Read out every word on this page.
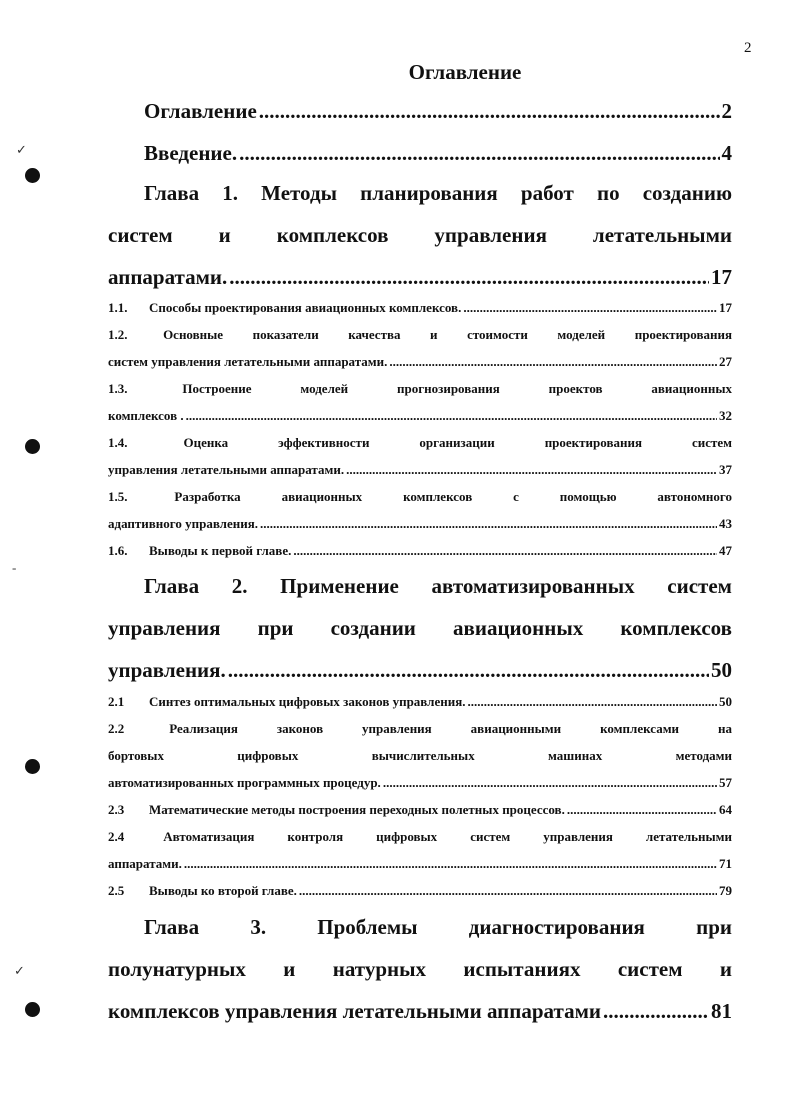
2
Оглавление
✓
-
✓
Оглавление .....	2
Введение. .....	4
Глава 1. Методы планирования работ по созданию
систем и комплексов управления летательными
аппаратами. .....	17
1.1. Способы проектирования авиационных комплексов. .....	17
1.2.	Основные показатели качества и стоимости моделей проектирования
систем управления летательными аппаратами. .....	27
1.3.	Построение моделей прогнозирования проектов авиационных
комплексов . .....	32
1.4.	Оценка эффективности организации проектирования систем
управления летательными аппаратами. .....	37
1.5.	Разработка авиационных комплексов с помощью автономного
адаптивного управления. .....	43
1.6. Выводы к первой главе. .....	47
Глава 2. Применение автоматизированных систем
управления при создании авиационных комплексов
управления. .....	50
2.1 Синтез оптимальных цифровых законов управления. .....	50
2.2	Реализация законов управления авиационными комплексами на
бортовых цифровых вычислительных машинах методами
автоматизированных программных процедур. .....	57
2.3 Математические методы построения переходных полетных процессов. .....	64
2.4	Автоматизация контроля цифровых систем управления летательными
аппаратами. .....	71
2.5 Выводы ко второй главе. .....	79
Глава 3. Проблемы диагностирования при
полунатурных и натурных испытаниях систем и
комплексов управления летательными аппаратами .....	81
